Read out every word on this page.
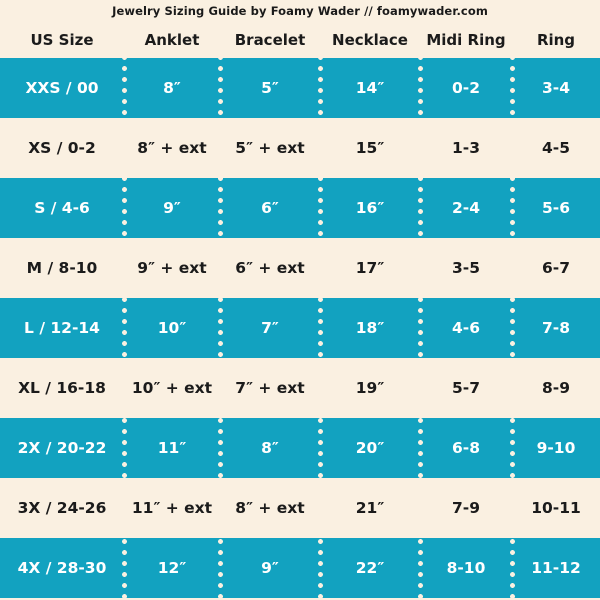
Jewelry Sizing Guide by Foamy Wader // foamywader.com
US Size	Anklet	Bracelet	Necklace	Midi Ring	Ring
XXS / 00	8″	5″	14″	0-2	3-4
XS / 0-2	8″ + ext	5″ + ext	15″	1-3	4-5
S / 4-6	9″	6″	16″	2-4	5-6
M / 8-10	9″ + ext	6″ + ext	17″	3-5	6-7
L / 12-14	10″	7″	18″	4-6	7-8
XL / 16-18	10″ + ext	7″ + ext	19″	5-7	8-9
2X / 20-22	11″	8″	20″	6-8	9-10
3X / 24-26	11″ + ext	8″ + ext	21″	7-9	10-11
4X / 28-30	12″	9″	22″	8-10	11-12
